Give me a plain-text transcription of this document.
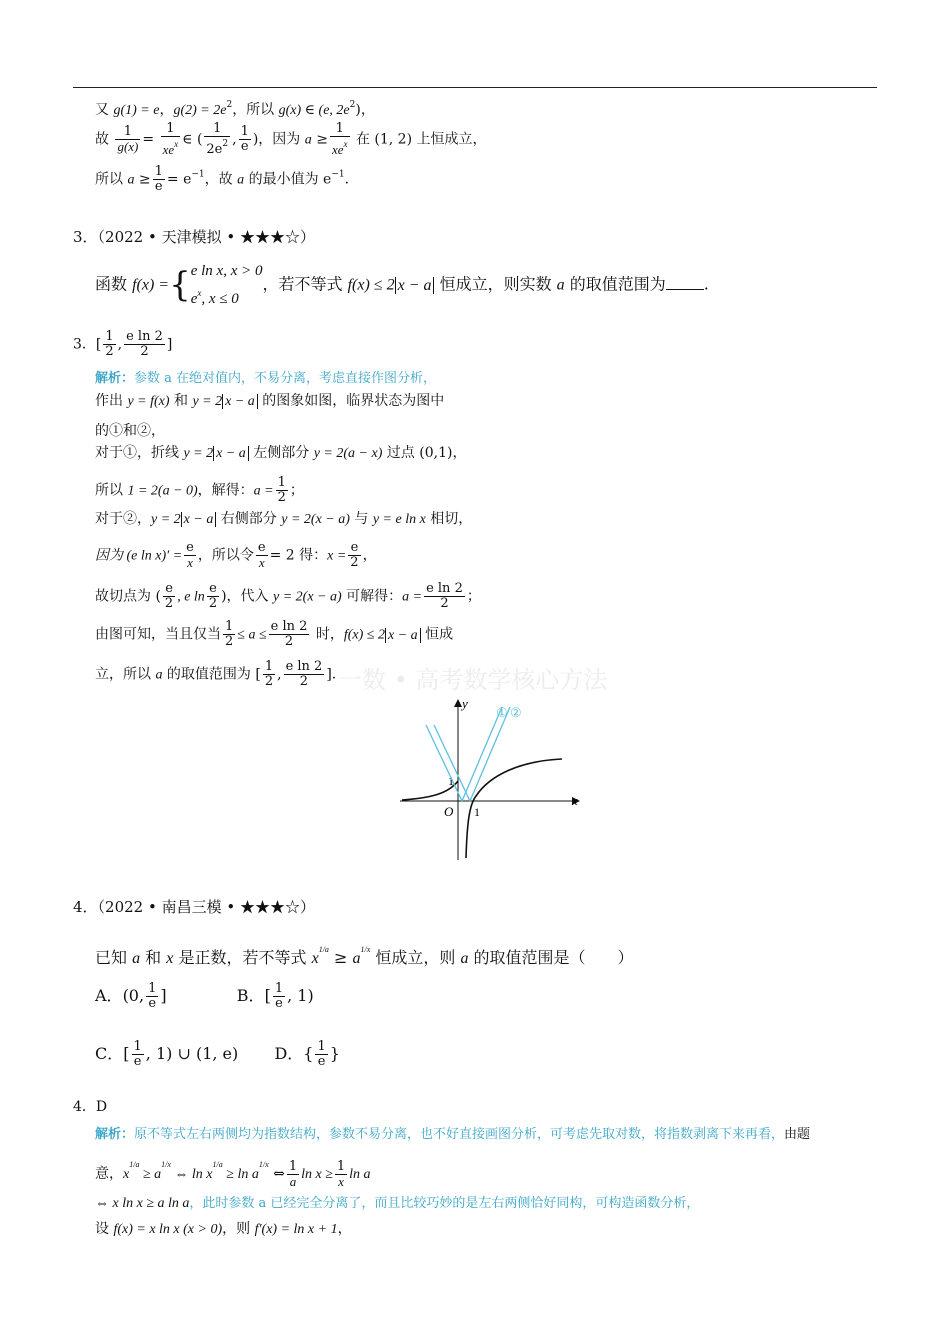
又 g(1) = e，$g(2) = 2e^2$，所以 g(x) ∈ (e, $2e^2$)，
故 $\frac{1}{g(x)} = \frac{1}{xe^x}$ ∈ ( $\frac{1}{2e^2}$ , $\frac{1}{e}$ )，因为 $a \ge \frac{1}{xe^x}$ 在 (1, 2) 上恒成立，
所以 $a \ge \frac{1}{e} = e^{-1}$，故 a 的最小值为 $e^{-1}$.
3．（2022 • 天津模拟 • ★★★☆）
函数 f(x) ={ e ln x, x > 0
$e^x$, x ≤ 0
，若不等式 f(x) ≤ 2 x − a 恒成立，则实数 a 的取值范围为 .
3．[ $\frac{1}{2}$ , $\frac{\text{e ln 2}}{2}$ ]
解析：参数 a 在绝对值内，不易分离，考虑直接作图分析，
作出 y = f(x) 和 y = 2 x − a 的图象如图，临界状态为图中
的①和②，
对于①，折线 y = 2 x − a 左侧部分 y = 2(a − x) 过点 (0,1)，
所以 1 = 2(a − 0)，解得：$a = \frac{1}{2}$ ；
对于②，y = 2 x − a 右侧部分 y = 2(x − a) 与 y = e ln x 相切，
因为 (e $\ln x)' = \frac{e}{x}$ ，所以令 $\frac{e}{x} = 2$ 得：$x = \frac{e}{2}$ ，
故切点为 ( $\frac{e}{2}$ , e $\ln \frac{e}{2}$ )，代入 y = 2(x − a) 可解得：$a = \frac{\text{e ln 2}}{2}$ ；
由图可知，当且仅当 $\frac{1}{2} \le a \le \frac{\text{e ln 2}}{2}$ 时，f(x) ≤ 2 x − a 恒成
立，所以 a 的取值范围为 [ $\frac{1}{2}$ , $\frac{\text{e ln 2}}{2}$ ]. 一数 • 高考数学核心方法
y
x
O 1
1
① ②
4．（2022 • 南昌三模 • ★★★☆）
已知 a 和 x 是正数，若不等式 $x^{1/a} \ge a^{1/x}$ 恒成立，则 a 的取值范围是（　　）
A．(0, $\frac{1}{e}$ ]	B．[ $\frac{1}{e}$ , 1)
C．[ $\frac{1}{e}$ , 1) ∪ (1, e) D．{ $\frac{1}{e}$ }
4．D
解析：原不等式左右两侧均为指数结构，参数不易分离，也不好直接画图分析，可考虑先取对数，将指数剥离下来再看，由题
意，$x^{1/a} \ge a^{1/x}$ ⇔ $\ln x^{1/a} \ge \ln a^{1/x}$ ⇔ $\frac{1}{a}$ $\ln x \ge \frac{1}{x}$ ln a
⇔ x ln x ≥ a ln a，此时参数 a 已经完全分离了，而且比较巧妙的是左右两侧恰好同构，可构造函数分析，
设 f(x) = x ln x (x > 0)，则 f′(x) = ln x + 1，
